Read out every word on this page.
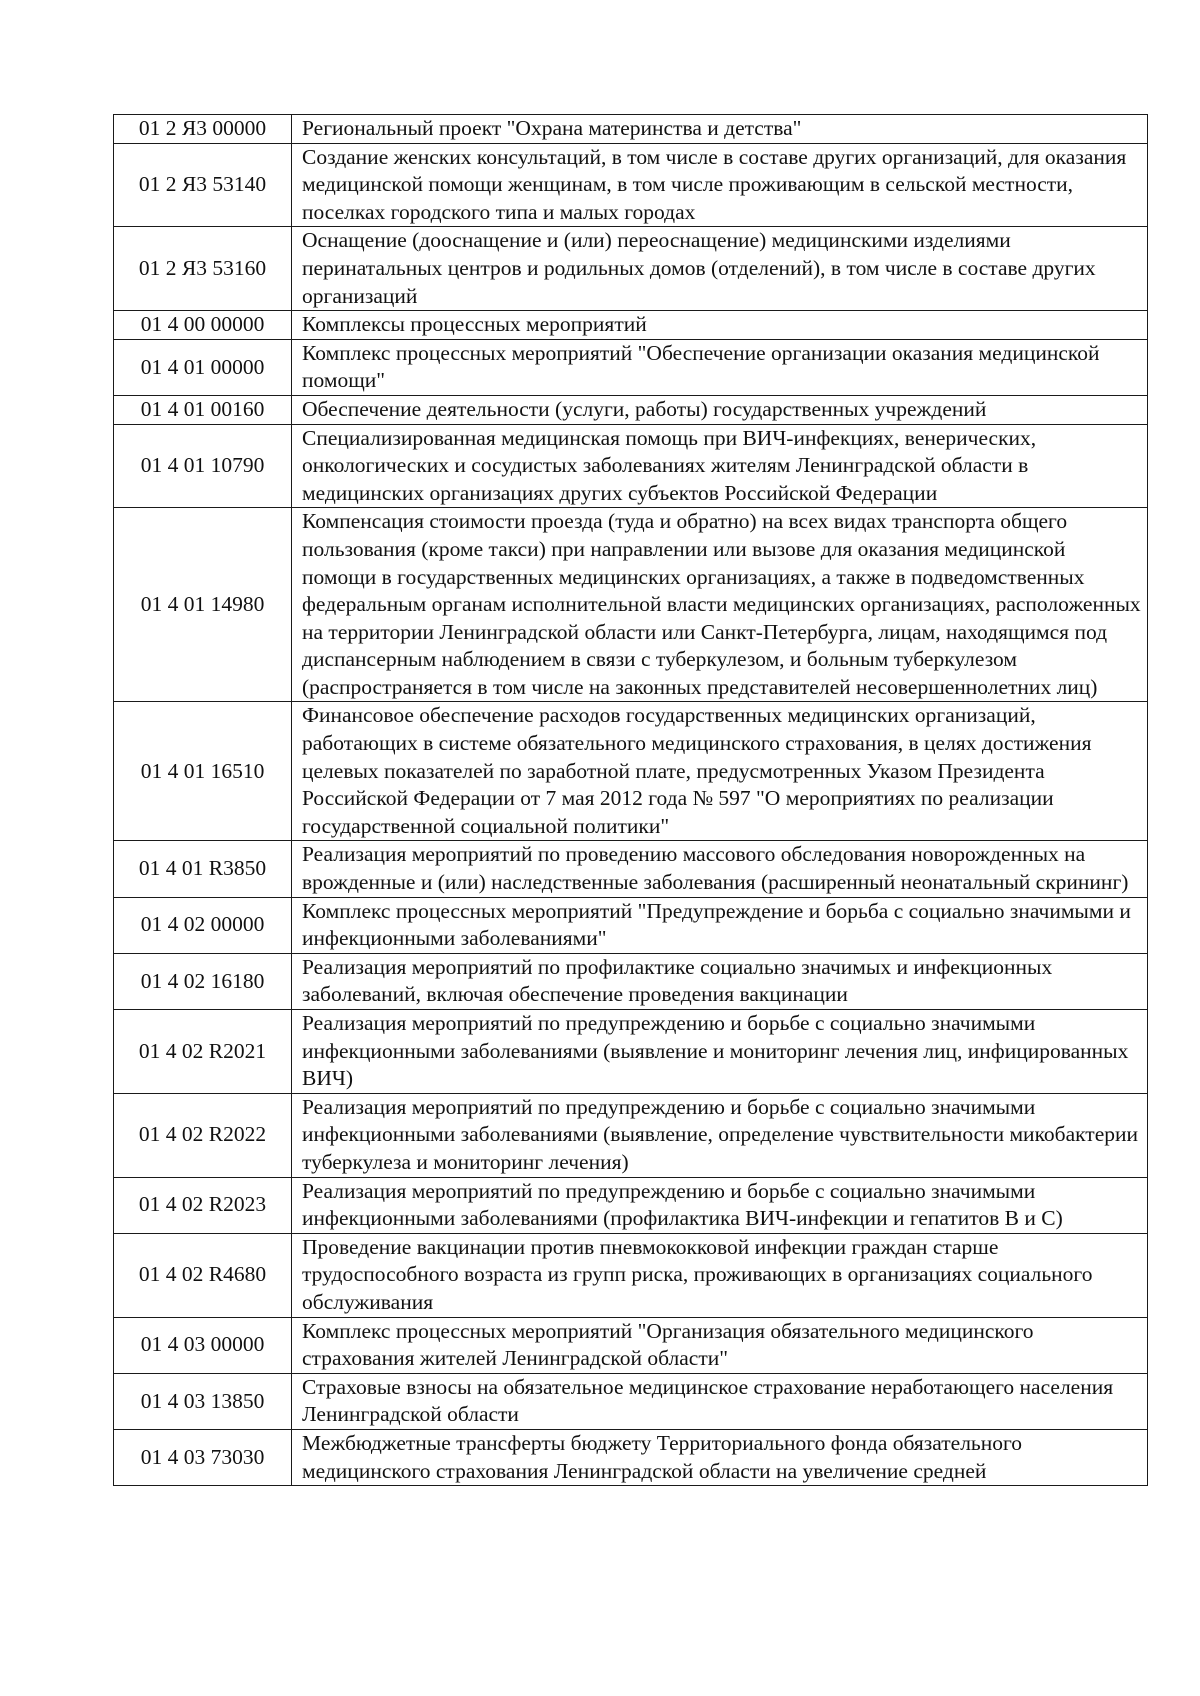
01 2 Я3 00000	Региональный проект "Охрана материнства и детства"
01 2 Я3 53140	Создание женских консультаций, в том числе в составе других организаций, для оказания медицинской помощи женщинам, в том числе проживающим в сельской местности, поселках городского типа и малых городах
01 2 Я3 53160	Оснащение (дооснащение и (или) переоснащение) медицинскими изделиями перинатальных центров и родильных домов (отделений), в том числе в составе других организаций
01 4 00 00000	Комплексы процессных мероприятий
01 4 01 00000	Комплекс процессных мероприятий "Обеспечение организации оказания медицинской помощи"
01 4 01 00160	Обеспечение деятельности (услуги, работы) государственных учреждений
01 4 01 10790	Специализированная медицинская помощь при ВИЧ-инфекциях, венерических, онкологических и сосудистых заболеваниях жителям Ленинградской области в медицинских организациях других субъектов Российской Федерации
01 4 01 14980	Компенсация стоимости проезда (туда и обратно) на всех видах транспорта общего пользования (кроме такси) при направлении или вызове для оказания медицинской помощи в государственных медицинских организациях, а также в подведомственных федеральным органам исполнительной власти медицинских организациях, расположенных на территории Ленинградской области или Санкт-Петербурга, лицам, находящимся под диспансерным наблюдением в связи с туберкулезом, и больным туберкулезом (распространяется в том числе на законных представителей несовершеннолетних лиц)
01 4 01 16510	Финансовое обеспечение расходов государственных медицинских организаций, работающих в системе обязательного медицинского страхования, в целях достижения целевых показателей по заработной плате, предусмотренных Указом Президента Российской Федерации от 7 мая 2012 года № 597 "О мероприятиях по реализации государственной социальной политики"
01 4 01 R3850	Реализация мероприятий по проведению массового обследования новорожденных на врожденные и (или) наследственные заболевания (расширенный неонатальный скрининг)
01 4 02 00000	Комплекс процессных мероприятий "Предупреждение и борьба с социально значимыми и инфекционными заболеваниями"
01 4 02 16180	Реализация мероприятий по профилактике социально значимых и инфекционных заболеваний, включая обеспечение проведения вакцинации
01 4 02 R2021	Реализация мероприятий по предупреждению и борьбе с социально значимыми инфекционными заболеваниями (выявление и мониторинг лечения лиц, инфицированных ВИЧ)
01 4 02 R2022	Реализация мероприятий по предупреждению и борьбе с социально значимыми инфекционными заболеваниями (выявление, определение чувствительности микобактерии туберкулеза и мониторинг лечения)
01 4 02 R2023	Реализация мероприятий по предупреждению и борьбе с социально значимыми инфекционными заболеваниями (профилактика ВИЧ-инфекции и гепатитов B и C)
01 4 02 R4680	Проведение вакцинации против пневмококковой инфекции граждан старше трудоспособного возраста из групп риска, проживающих в организациях социального обслуживания
01 4 03 00000	Комплекс процессных мероприятий "Организация обязательного медицинского страхования жителей Ленинградской области"
01 4 03 13850	Страховые взносы на обязательное медицинское страхование неработающего населения Ленинградской области
01 4 03 73030	Межбюджетные трансферты бюджету Территориального фонда обязательного медицинского страхования Ленинградской области на увеличение средней
